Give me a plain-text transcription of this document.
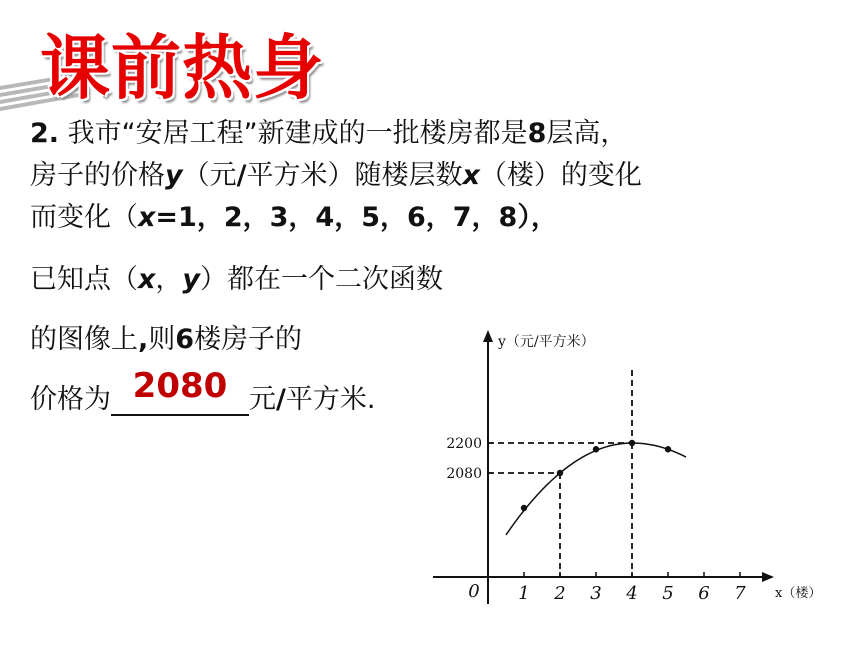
课前热身
2. 我市“安居工程”新建成的一批楼房都是8层高，
房子的价格y（元/平方米）随楼层数x（楼）的变化
而变化（x=1，2，3，4，5，6，7，8），
已知点（x，y）都在一个二次函数
的图像上,则6楼房子的
价格为 2080 元/平方米.
y（元/平方米）
x（楼）
0 1 2 3 4 5 6 7
2080
2200
